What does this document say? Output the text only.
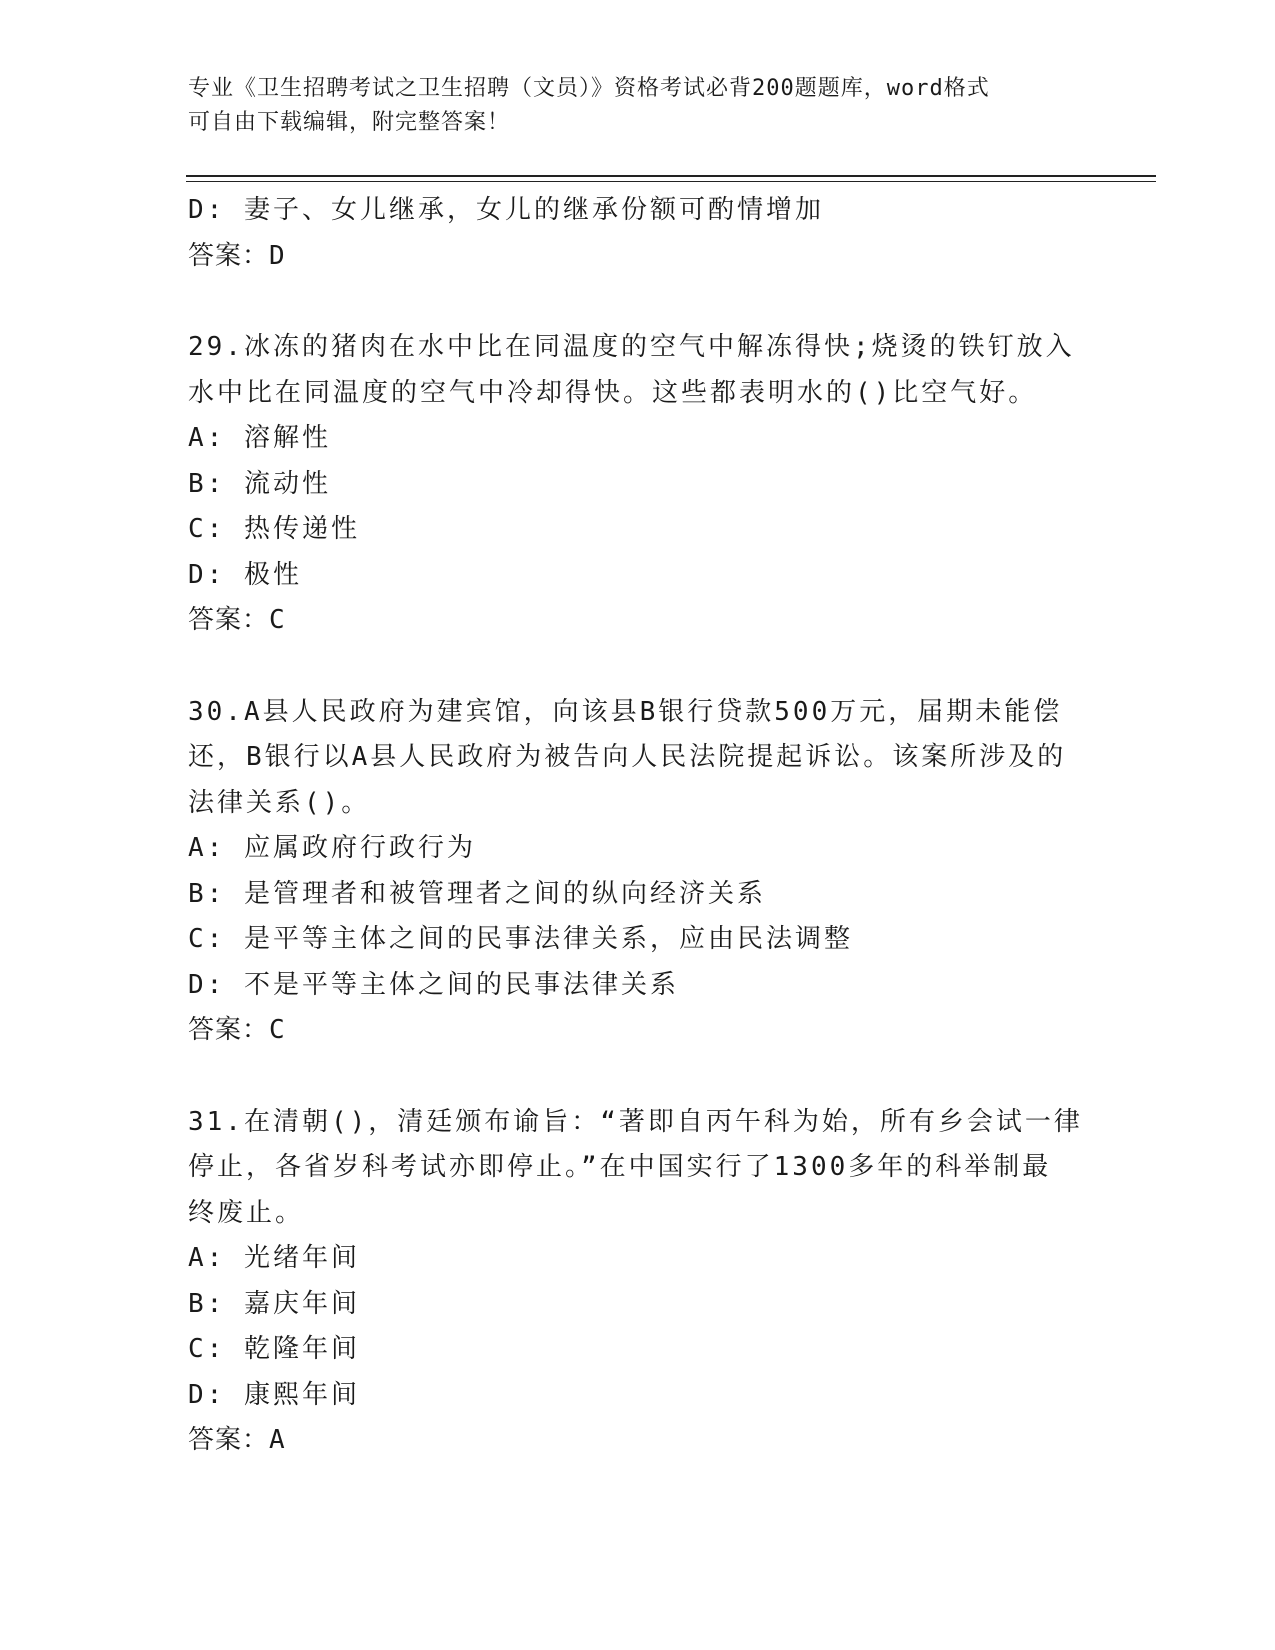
专业《卫生招聘考试之卫生招聘（文员）》资格考试必背200题题库，word格式
可自由下载编辑，附完整答案！
D: 妻子、女儿继承，女儿的继承份额可酌情增加
答案：D
29.冰冻的猪肉在水中比在同温度的空气中解冻得快;烧烫的铁钉放入
水中比在同温度的空气中冷却得快。这些都表明水的()比空气好。
A: 溶解性
B: 流动性
C: 热传递性
D: 极性
答案：C
30.A县人民政府为建宾馆，向该县B银行贷款500万元，届期未能偿
还，B银行以A县人民政府为被告向人民法院提起诉讼。该案所涉及的
法律关系()。
A: 应属政府行政行为
B: 是管理者和被管理者之间的纵向经济关系
C: 是平等主体之间的民事法律关系，应由民法调整
D: 不是平等主体之间的民事法律关系
答案：C
31.在清朝()，清廷颁布谕旨：“著即自丙午科为始，所有乡会试一律
停止，各省岁科考试亦即停止。”在中国实行了1300多年的科举制最
终废止。
A: 光绪年间
B: 嘉庆年间
C: 乾隆年间
D: 康熙年间
答案：A
